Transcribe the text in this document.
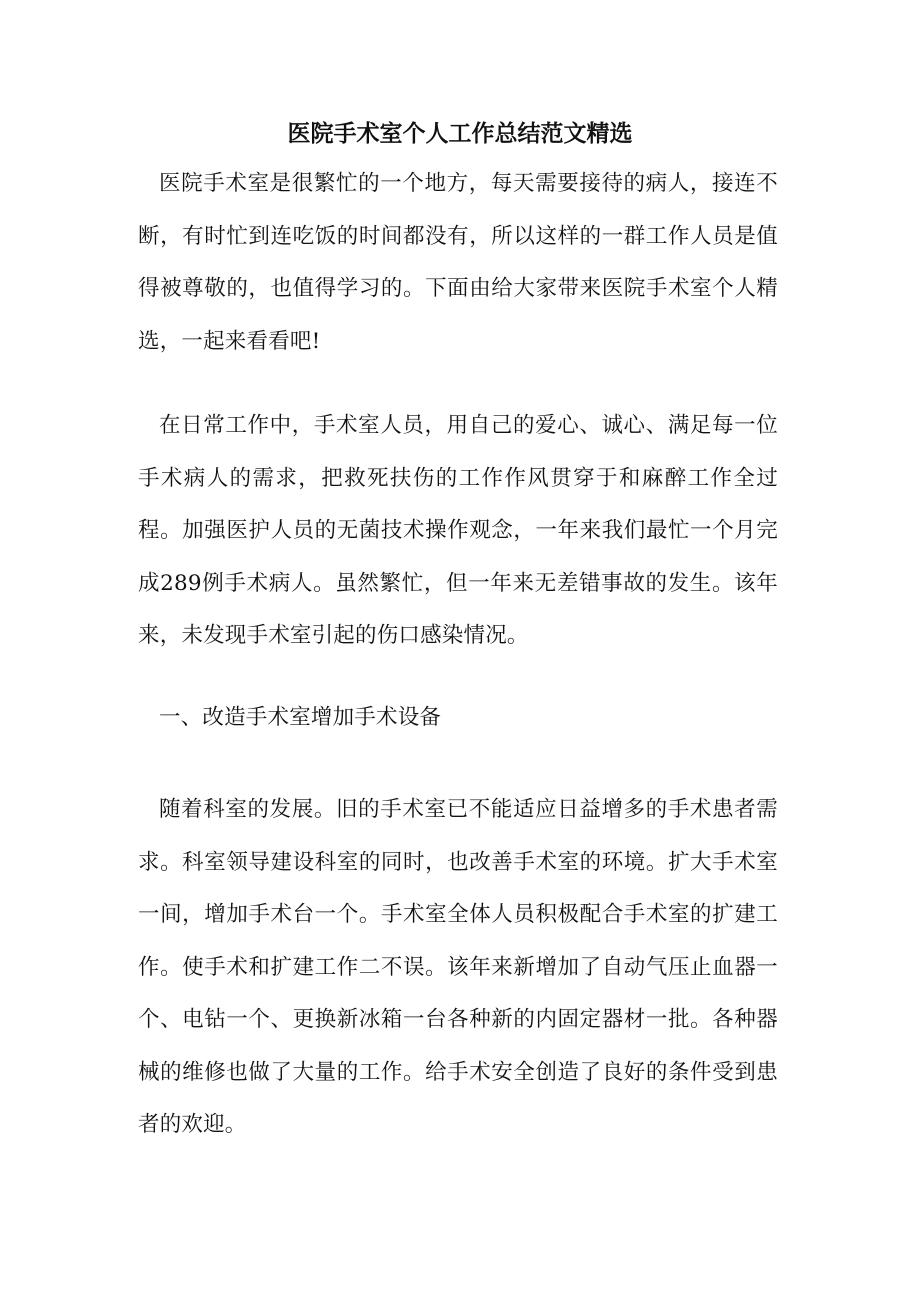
医院手术室个人工作总结范文精选

医院手术室是很繁忙的一个地方，每天需要接待的病人，接连不断，有时忙到连吃饭的时间都没有，所以这样的一群工作人员是值得被尊敬的，也值得学习的。下面由给大家带来医院手术室个人精选，一起来看看吧!

在日常工作中，手术室人员，用自己的爱心、诚心、满足每一位手术病人的需求，把救死扶伤的工作作风贯穿于和麻醉工作全过程。加强医护人员的无菌技术操作观念，一年来我们最忙一个月完成289例手术病人。虽然繁忙，但一年来无差错事故的发生。该年来，未发现手术室引起的伤口感染情况。

一、改造手术室增加手术设备

随着科室的发展。旧的手术室已不能适应日益增多的手术患者需求。科室领导建设科室的同时，也改善手术室的环境。扩大手术室一间，增加手术台一个。手术室全体人员积极配合手术室的扩建工作。使手术和扩建工作二不误。该年来新增加了自动气压止血器一个、电钻一个、更换新冰箱一台各种新的内固定器材一批。各种器械的维修也做了大量的工作。给手术安全创造了良好的条件受到患者的欢迎。
